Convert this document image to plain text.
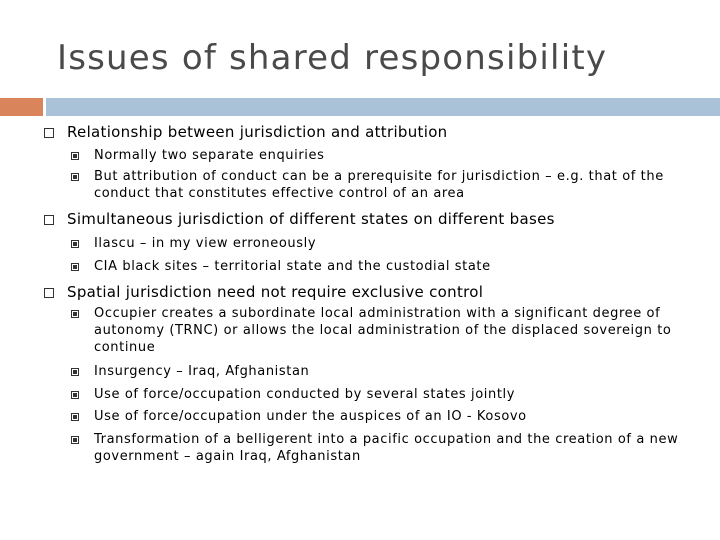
Issues of shared responsibility
Relationship between jurisdiction and attribution
Normally two separate enquiries
But attribution of conduct can be a prerequisite for jurisdiction – e.g. that of the conduct that constitutes effective control of an area
Simultaneous jurisdiction of different states on different bases
Ilascu – in my view erroneously
CIA black sites – territorial state and the custodial state
Spatial jurisdiction need not require exclusive control
Occupier creates a subordinate local administration with a significant degree of autonomy (TRNC) or allows the local administration of the displaced sovereign to continue
Insurgency – Iraq, Afghanistan
Use of force/occupation conducted by several states jointly
Use of force/occupation under the auspices of an IO - Kosovo
Transformation of a belligerent into a pacific occupation and the creation of a new government – again Iraq, Afghanistan
